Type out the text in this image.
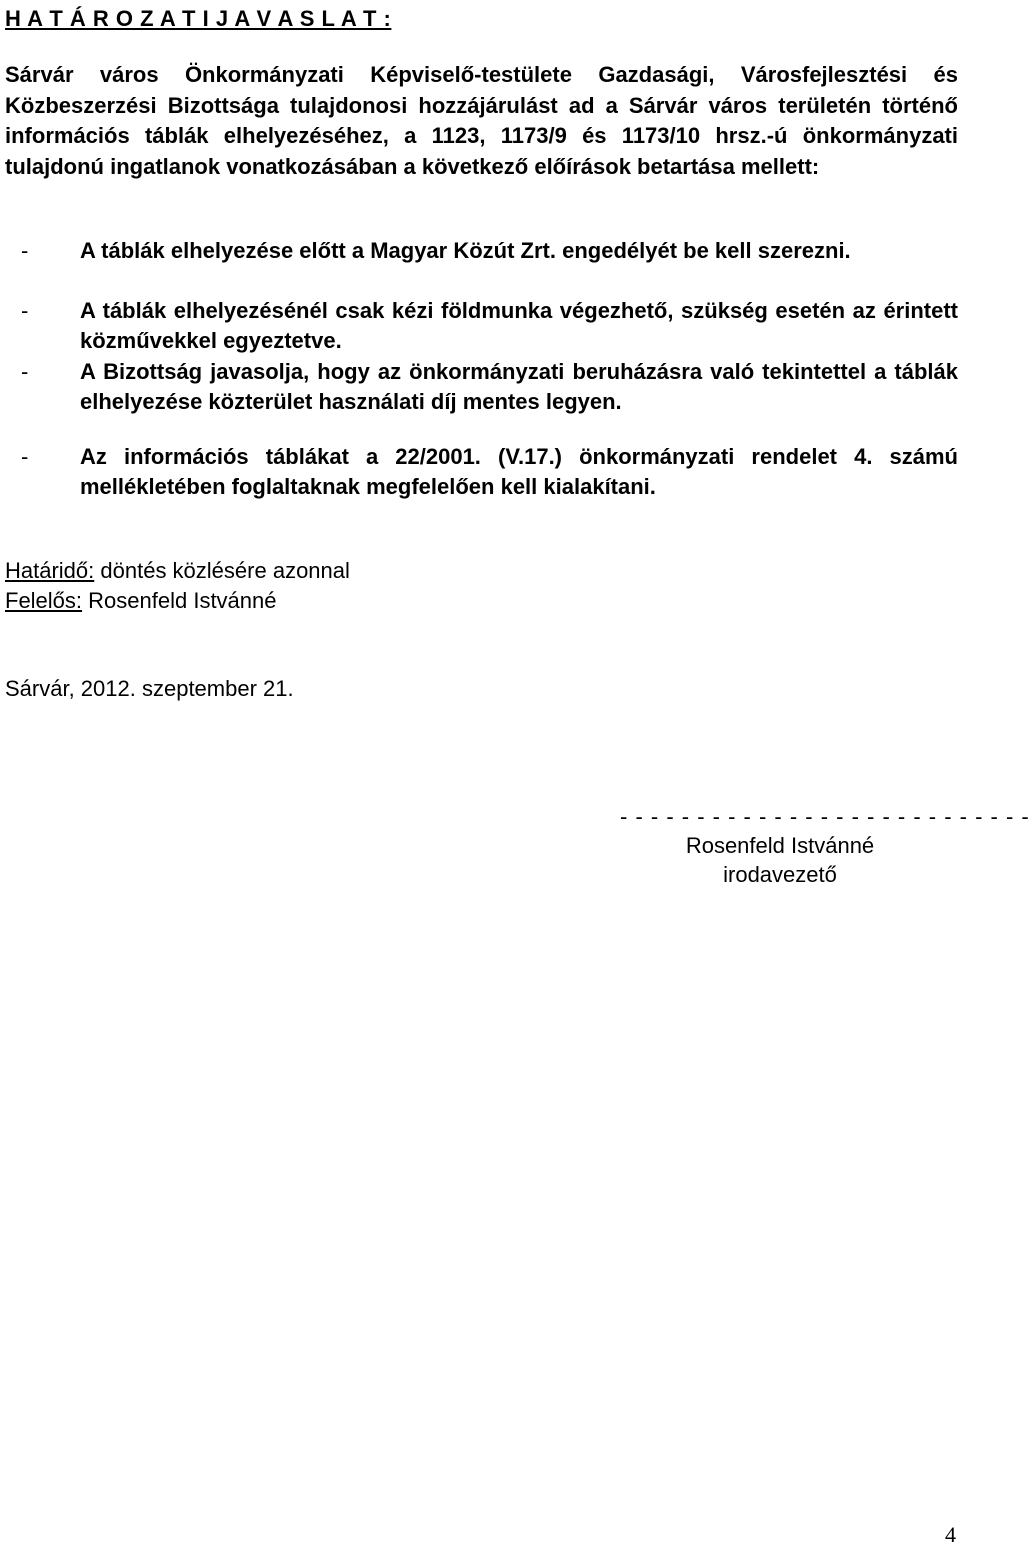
H A T Á R O Z A T I J A V A S L A T :
Sárvár város Önkormányzati Képviselő-testülete Gazdasági, Városfejlesztési és Közbeszerzési Bizottsága tulajdonosi hozzájárulást ad a Sárvár város területén történő információs táblák elhelyezéséhez, a 1123, 1173/9 és 1173/10 hrsz.-ú önkormányzati tulajdonú ingatlanok vonatkozásában a következő előírások betartása mellett:
- A táblák elhelyezése előtt a Magyar Közút Zrt. engedélyét be kell szerezni.
- A táblák elhelyezésénél csak kézi földmunka végezhető, szükség esetén az érintett közművekkel egyeztetve.
- A Bizottság javasolja, hogy az önkormányzati beruházásra való tekintettel a táblák elhelyezése közterület használati díj mentes legyen.
- Az információs táblákat a 22/2001. (V.17.) önkormányzati rendelet 4. számú mellékletében foglaltaknak megfelelően kell kialakítani.
Határidő: döntés közlésére azonnal
Felelős: Rosenfeld Istvánné
Sárvár, 2012. szeptember 21.
- - - - - - - - - - - - - - - - - - - - - - - - - - -
Rosenfeld Istvánné
irodavezető
4
